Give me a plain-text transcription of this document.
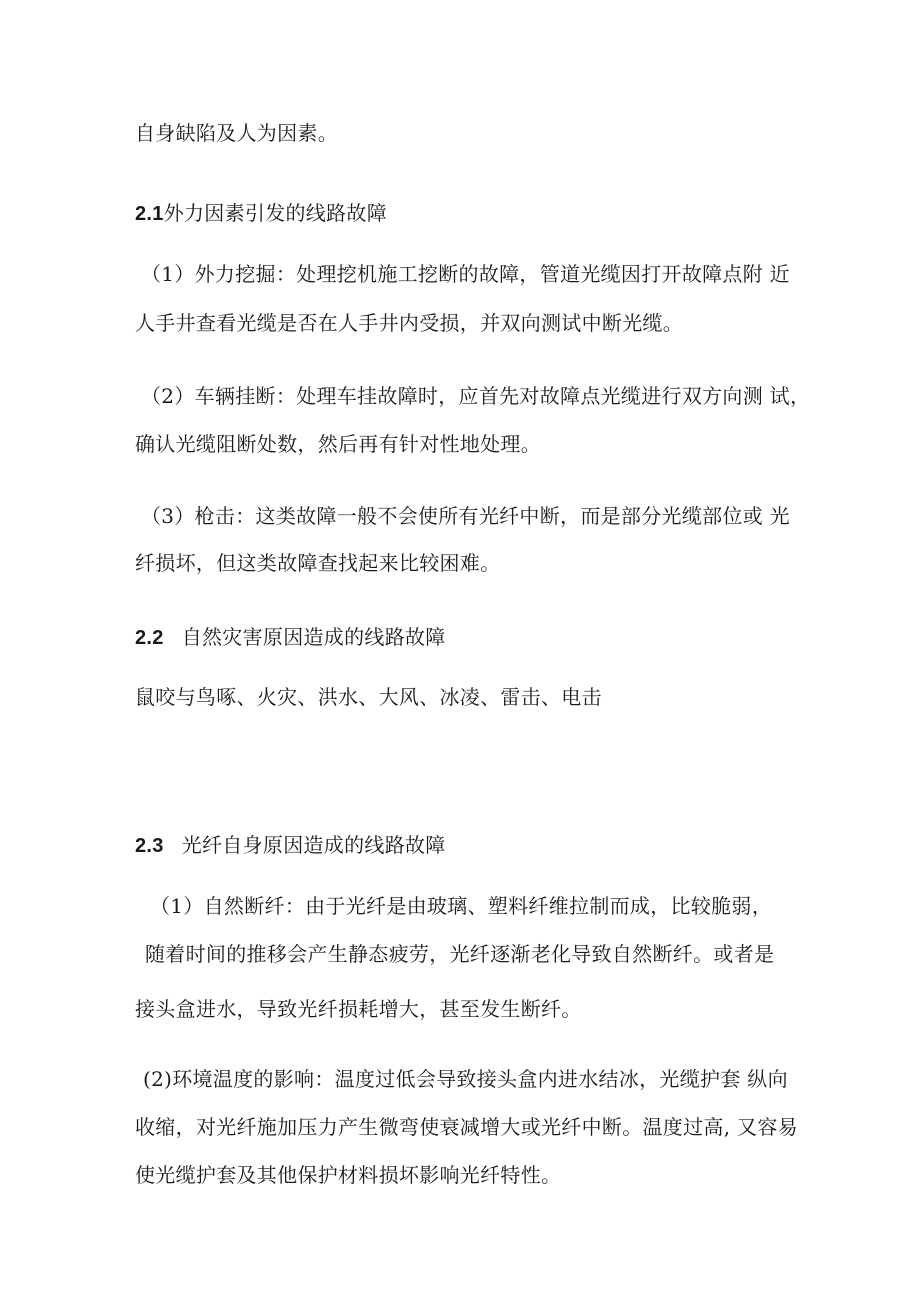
自身缺陷及人为因素。
2.1外力因素引发的线路故障
（1）外力挖掘：处理挖机施工挖断的故障，管道光缆因打开故障点附 近
人手井查看光缆是否在人手井内受损，并双向测试中断光缆。
（2）车辆挂断：处理车挂故障时，应首先对故障点光缆进行双方向测 试，
确认光缆阻断处数，然后再有针对性地处理。
（3）枪击：这类故障一般不会使所有光纤中断，而是部分光缆部位或 光
纤损坏，但这类故障查找起来比较困难。
2.2 自然灾害原因造成的线路故障
鼠咬与鸟啄、火灾、洪水、大风、冰凌、雷击、电击
2.3 光纤自身原因造成的线路故障
（1）自然断纤：由于光纤是由玻璃、塑料纤维拉制而成，比较脆弱，
随着时间的推移会产生静态疲劳，光纤逐渐老化导致自然断纤。或者是
接头盒进水，导致光纤损耗增大，甚至发生断纤。
(2)环境温度的影响：温度过低会导致接头盒内进水结冰，光缆护套 纵向
收缩，对光纤施加压力产生微弯使衰减增大或光纤中断。温度过高, 又容易
使光缆护套及其他保护材料损坏影响光纤特性。
